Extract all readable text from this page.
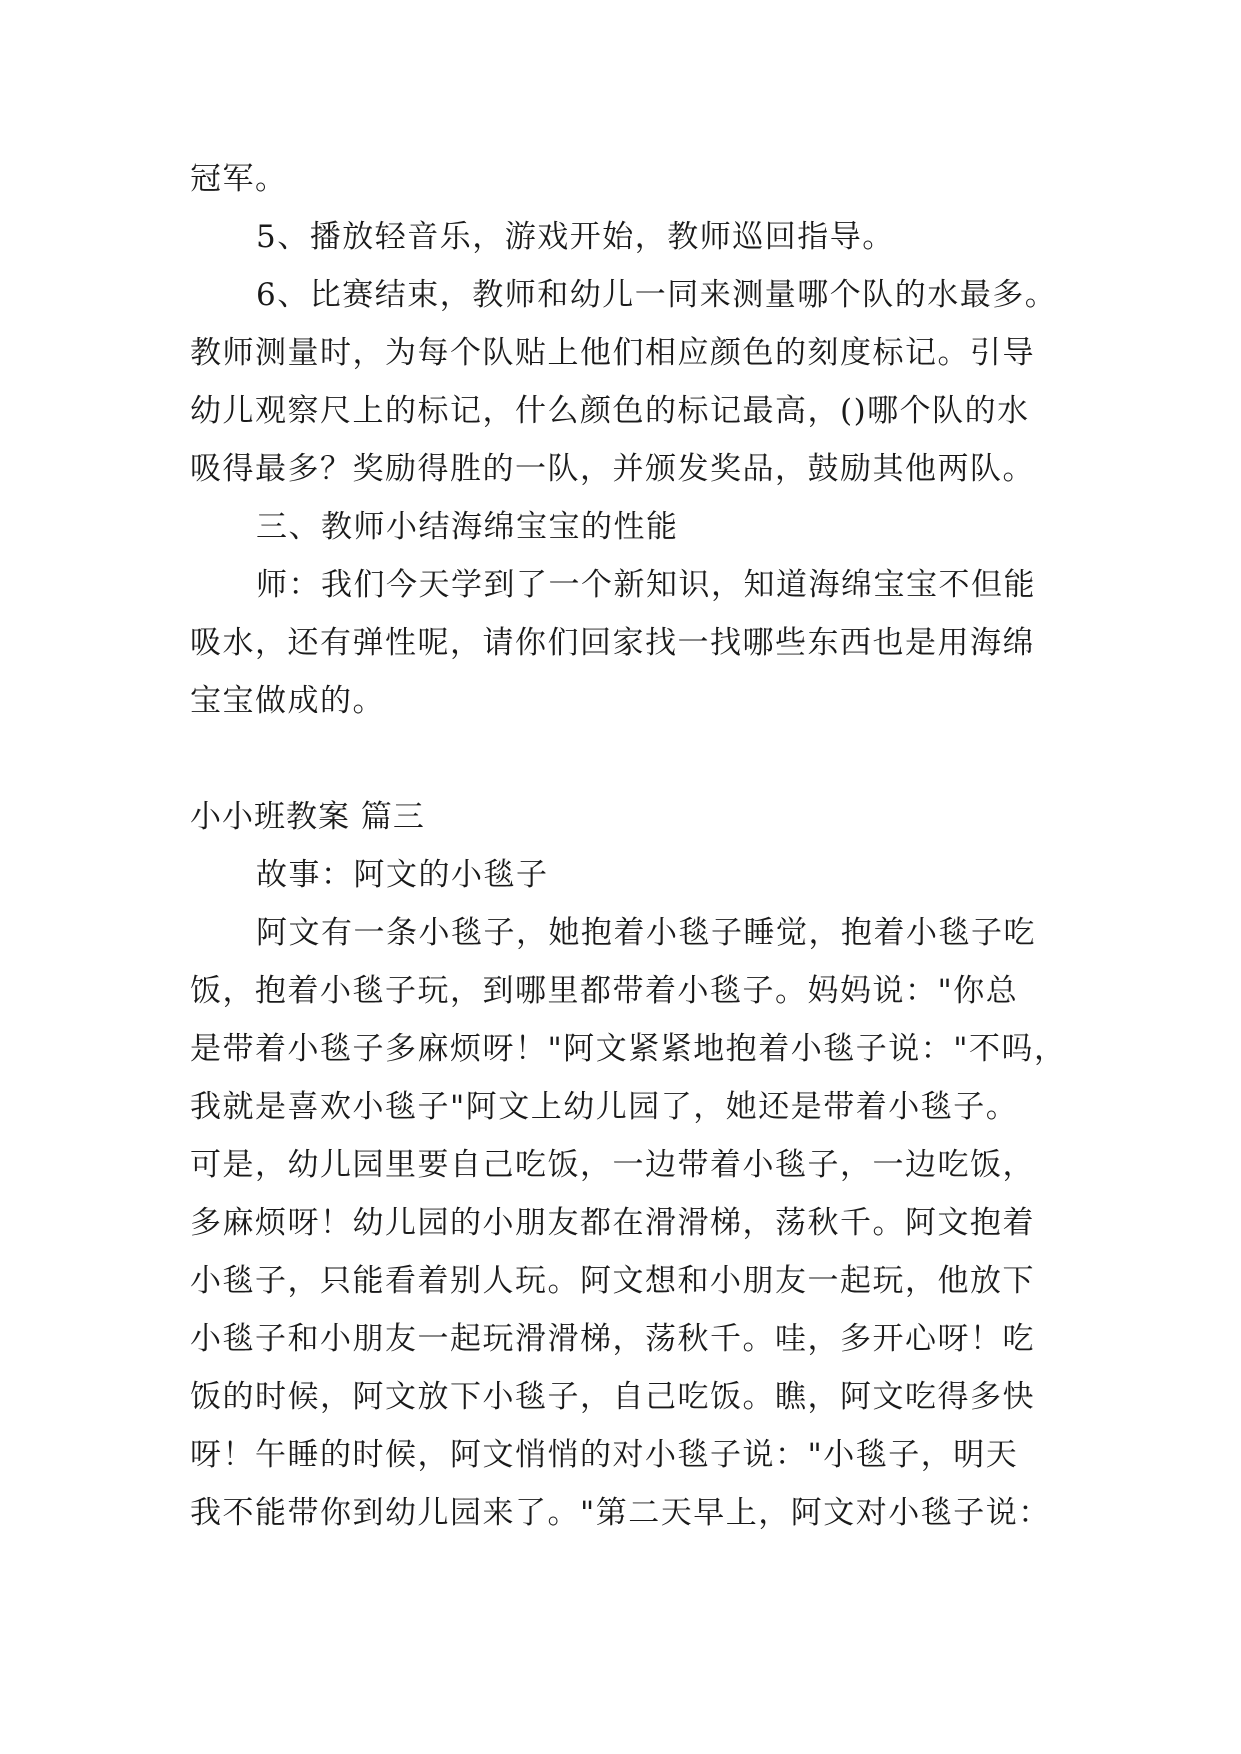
冠军。
5、播放轻音乐，游戏开始，教师巡回指导。
6、比赛结束，教师和幼儿一同来测量哪个队的水最多。
教师测量时，为每个队贴上他们相应颜色的刻度标记。引导
幼儿观察尺上的标记，什么颜色的标记最高，()哪个队的水
吸得最多？奖励得胜的一队，并颁发奖品，鼓励其他两队。
三、教师小结海绵宝宝的性能
师：我们今天学到了一个新知识，知道海绵宝宝不但能
吸水，还有弹性呢，请你们回家找一找哪些东西也是用海绵
宝宝做成的。
小小班教案 篇三
故事：阿文的小毯子
阿文有一条小毯子，她抱着小毯子睡觉，抱着小毯子吃
饭，抱着小毯子玩，到哪里都带着小毯子。妈妈说："你总
是带着小毯子多麻烦呀！"阿文紧紧地抱着小毯子说："不吗，
我就是喜欢小毯子"阿文上幼儿园了，她还是带着小毯子。
可是，幼儿园里要自己吃饭，一边带着小毯子，一边吃饭，
多麻烦呀！幼儿园的小朋友都在滑滑梯，荡秋千。阿文抱着
小毯子，只能看着别人玩。阿文想和小朋友一起玩，他放下
小毯子和小朋友一起玩滑滑梯，荡秋千。哇，多开心呀！吃
饭的时候，阿文放下小毯子，自己吃饭。瞧，阿文吃得多快
呀！午睡的时候，阿文悄悄的对小毯子说："小毯子，明天
我不能带你到幼儿园来了。"第二天早上，阿文对小毯子说：
